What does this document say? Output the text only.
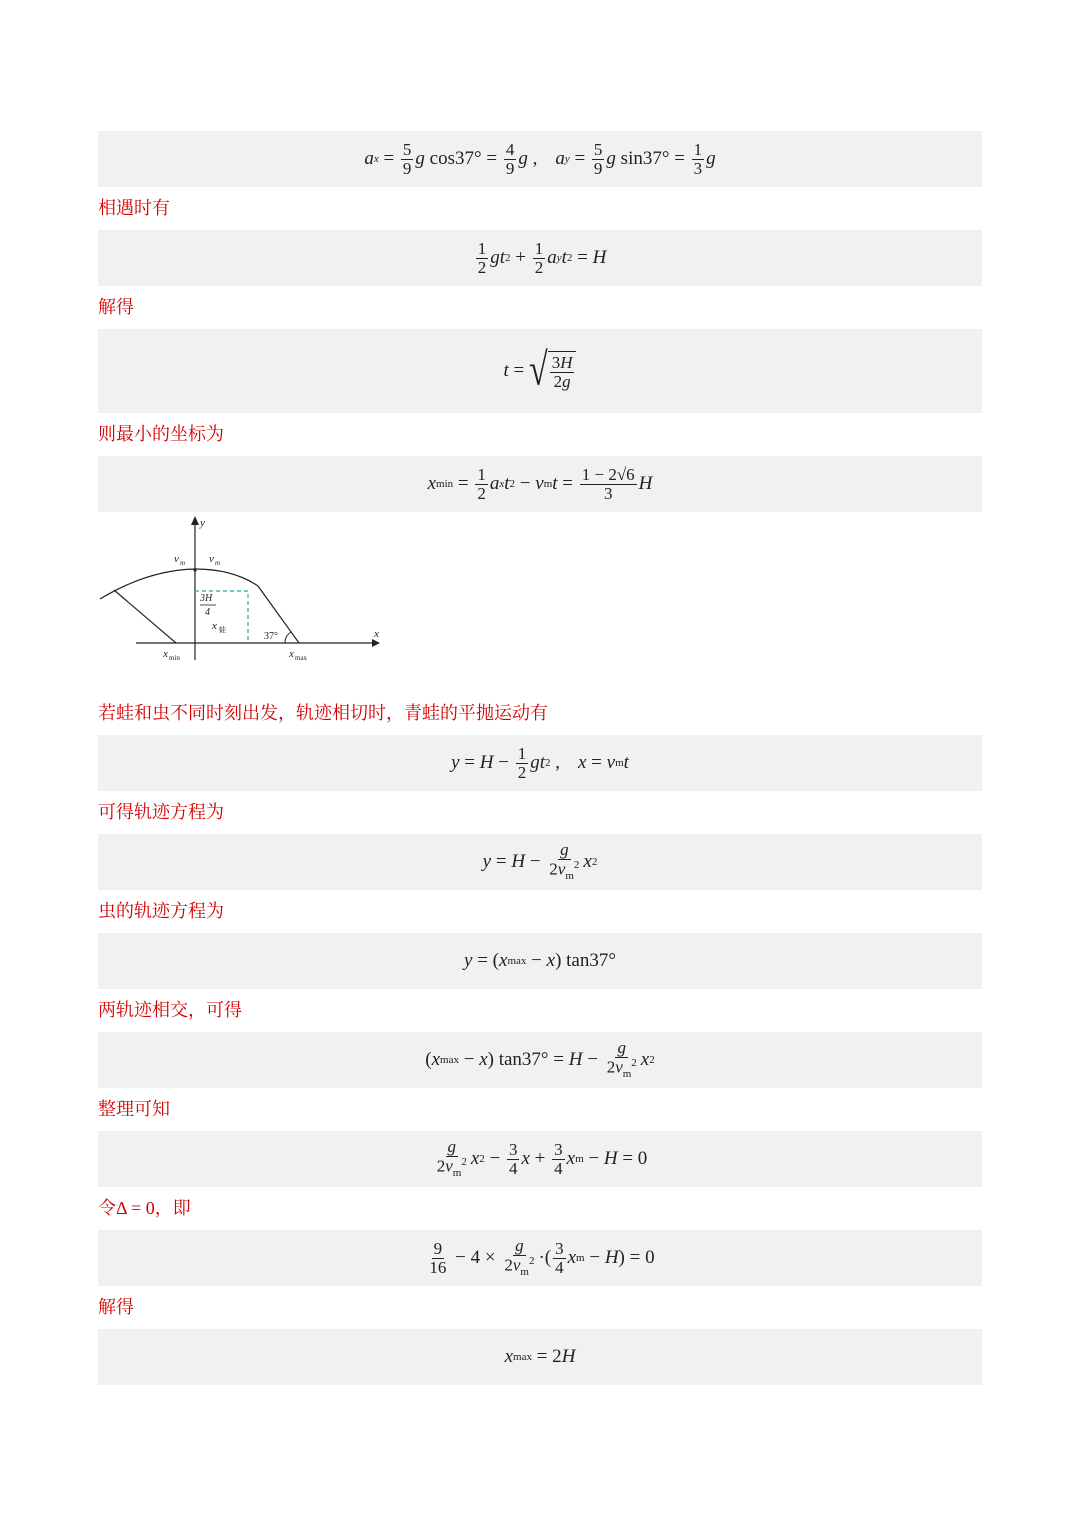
a $x = \frac{5}{9}$ g $\cos 37^\circ = \frac{4}{9}$ g , a $y = \frac{5}{9}$ g $\sin 37^\circ = \frac{1}{3}$ g
相遇时有
$\frac{1}{2}$ gt $2 + \frac{1}{2}$ a y t 2 = H
解得
t = √ $\frac{3H}{2g}$
则最小的坐标为
x $\min = \frac{1}{2}$ a x t 2 − v m $t = \frac{1 - 2√6}{3}$ H
y
x
v m v m
3H
4
x 蛙
37°
x min	x max
若蛙和虫不同时刻出发，轨迹相切时，青蛙的平抛运动有
$y = H - \frac{1}{2}$ gt 2 , x = v m t
可得轨迹方程为
$y = H - \frac{g}{2v_m^2}$ x 2
虫的轨迹方程为
y = ( x max − x ) tan37°
两轨迹相交，可得
( x max − x ) $\tan 37^\circ = H - \frac{g}{2v_m^2}$ x 2
整理可知
$\frac{g}{2v_m^2}$ x $2 - \frac{3}{4}$ $x + \frac{3}{4}$ x m − H = 0
令Δ = 0，即
$\frac{9}{16} - 4 \times \frac{g}{2v_m^2}$ ·( $\frac{3}{4}$ x m − H ) = 0
解得
x max = 2 H
